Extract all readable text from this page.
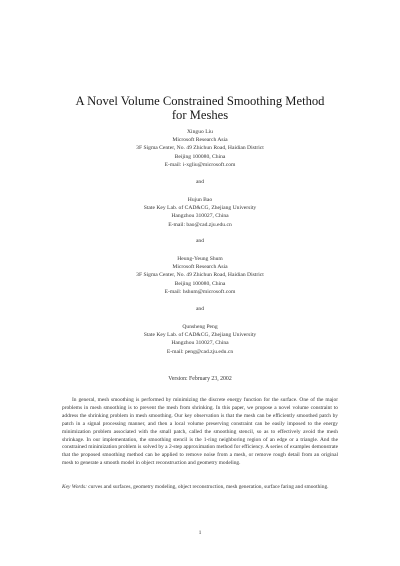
A Novel Volume Constrained Smoothing Method
for Meshes
Xinguo Liu
Microsoft Research Asia
3F Sigma Center, No. 49 Zhichun Road, Haidian District
Beijing 100080, China
E-mail: i-xgliu@microsoft.com
and
Hujun Bao
State Key Lab. of CAD&CG, Zhejiang University
Hangzhou 310027, China
E-mail: bao@cad.zju.edu.cn
and
Heung-Yeung Shum
Microsoft Research Asia
3F Sigma Center, No. 49 Zhichun Road, Haidian District
Beijing 100080, China
E-mail: hshum@microsoft.com
and
Qunsheng Peng
State Key Lab. of CAD&CG, Zhejiang University
Hangzhou 310027, China
E-mail: peng@cad.zju.edu.cn
Version: February 23, 2002

In general, mesh smoothing is performed by minimizing the discrete energy function for the surface. One of the major problems in mesh smoothing is to prevent the mesh from shrinking. In this paper, we propose a novel volume constraint to address the shrinking problem in mesh smoothing. Our key observation is that the mesh can be efficiently smoothed patch by patch in a signal processing manner, and then a local volume preserving constraint can be easily imposed to the energy minimization problem associated with the small patch, called the smoothing stencil, so as to effectively avoid the mesh shrinkage. In our implementation, the smoothing stencil is the 1-ring neighboring region of an edge or a triangle. And the constrained minimization problem is solved by a 2-step approximation method for efficiency. A series of examples demonstrate that the proposed smoothing method can be applied to remove noise from a mesh, or remove rough detail from an original mesh to generate a smooth model in object reconstruction and geometry modeling.

Key Words: curves and surfaces, geometry modeling, object reconstruction, mesh generation, surface faring and smoothing.

1
